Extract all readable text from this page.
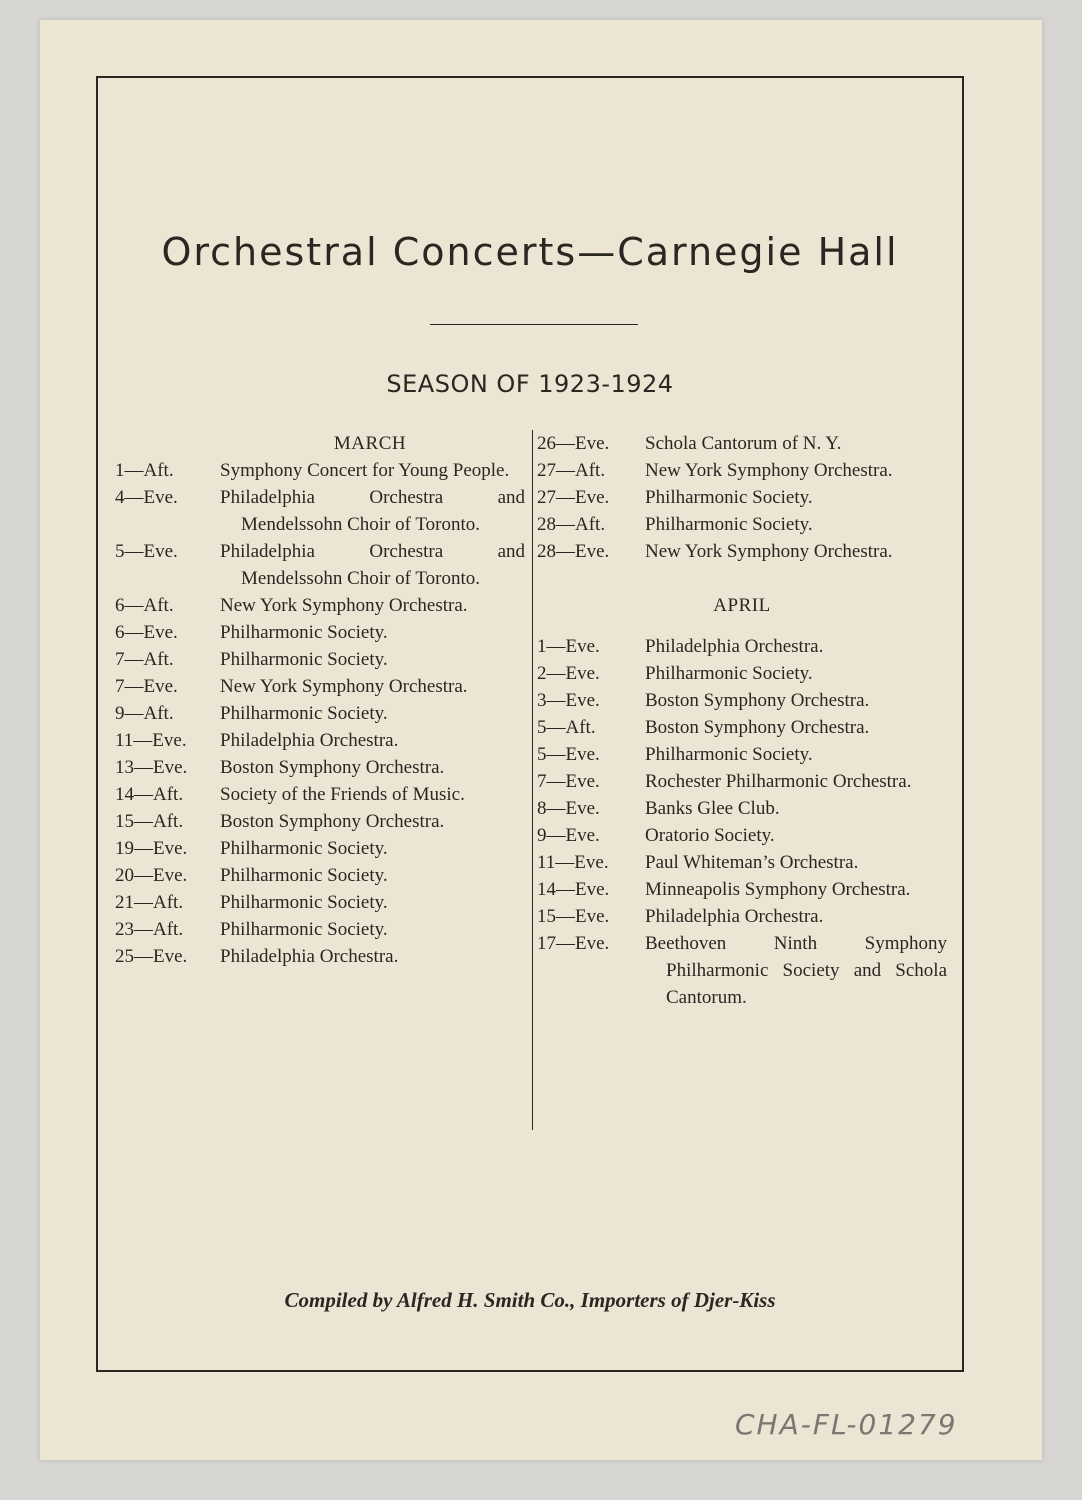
Orchestral Concerts—Carnegie Hall
SEASON OF 1923-1924
MARCH
1—Aft.	Symphony Concert for Young People.
4—Eve.	Philadelphia Orchestra and Mendelssohn Choir of Toronto.
5—Eve.	Philadelphia Orchestra and Mendelssohn Choir of Toronto.
6—Aft.	New York Symphony Orchestra.
6—Eve.	Philharmonic Society.
7—Aft.	Philharmonic Society.
7—Eve.	New York Symphony Orchestra.
9—Aft.	Philharmonic Society.
11—Eve.	Philadelphia Orchestra.
13—Eve.	Boston Symphony Orchestra.
14—Aft.	Society of the Friends of Music.
15—Aft.	Boston Symphony Orchestra.
19—Eve.	Philharmonic Society.
20—Eve.	Philharmonic Society.
21—Aft.	Philharmonic Society.
23—Aft.	Philharmonic Society.
25—Eve.	Philadelphia Orchestra.
26—Eve.	Schola Cantorum of N. Y.
27—Aft.	New York Symphony Orchestra.
27—Eve.	Philharmonic Society.
28—Aft.	Philharmonic Society.
28—Eve.	New York Symphony Orchestra.
APRIL
1—Eve.	Philadelphia Orchestra.
2—Eve.	Philharmonic Society.
3—Eve.	Boston Symphony Orchestra.
5—Aft.	Boston Symphony Orchestra.
5—Eve.	Philharmonic Society.
7—Eve.	Rochester Philharmonic Orchestra.
8—Eve.	Banks Glee Club.
9—Eve.	Oratorio Society.
11—Eve.	Paul Whiteman’s Orchestra.
14—Eve.	Minneapolis Symphony Orchestra.
15—Eve.	Philadelphia Orchestra.
17—Eve.	Beethoven Ninth Symphony Philharmonic Society and Schola Cantorum.
Compiled by Alfred H. Smith Co., Importers of Djer-Kiss
CHA-FL-01279
